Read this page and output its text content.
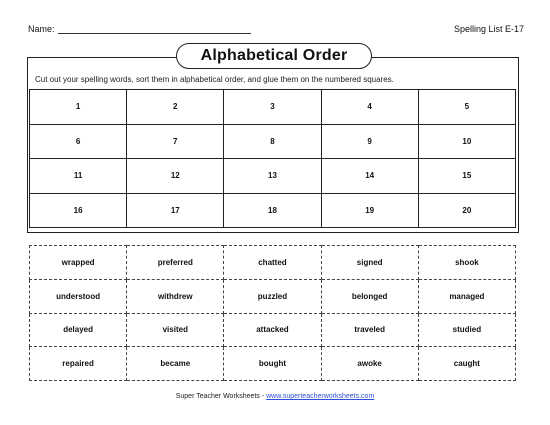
Name:	Spelling List E-17
Alphabetical Order
Cut out your spelling words, sort them in alphabetical order, and glue them on the numbered squares.
1	2	3	4	5
6	7	8	9	10
11	12	13	14	15
16	17	18	19	20
wrapped	preferred	chatted	signed	shook
understood	withdrew	puzzled	belonged	managed
delayed	visited	attacked	traveled	studied
repaired	became	bought	awoke	caught
Super Teacher Worksheets - www.superteacherworksheets.com
